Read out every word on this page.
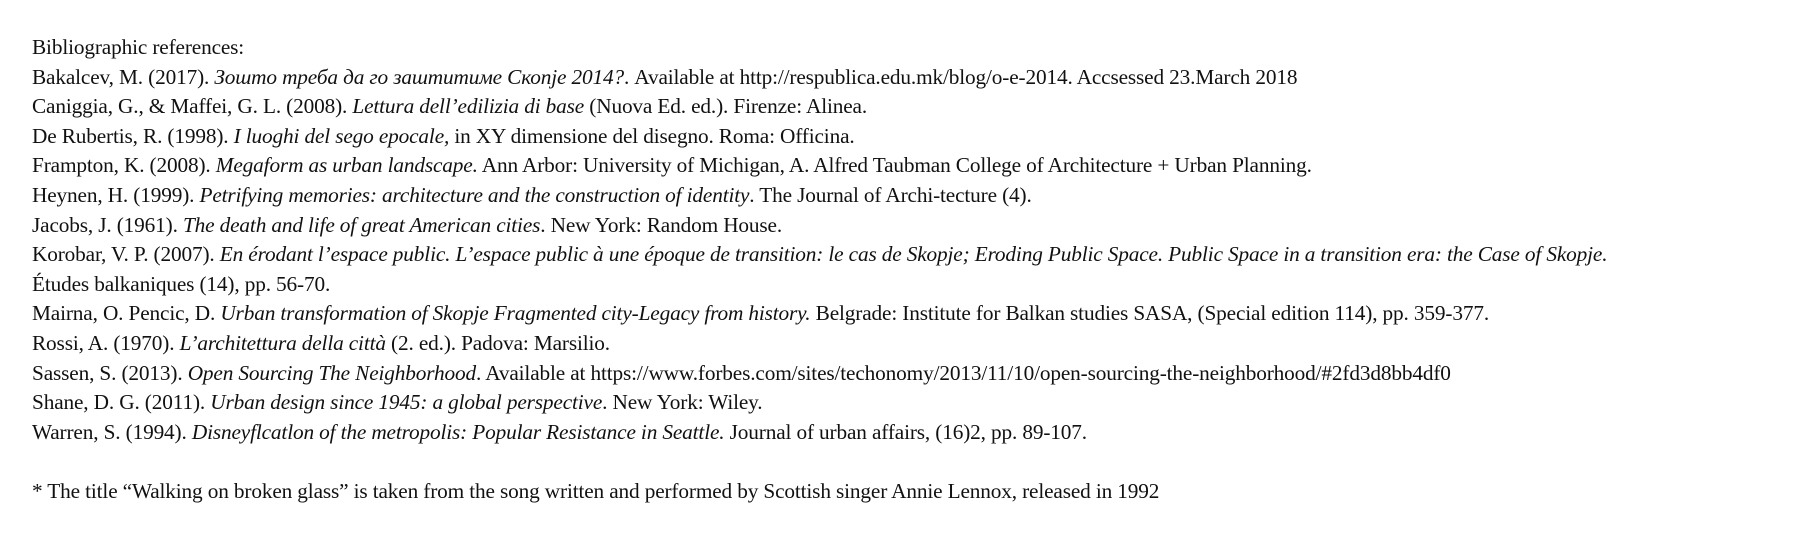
Bibliographic references:
Bakalcev, M. (2017). Зошто треба да го заштитиме Скопје 2014?. Available at http://respublica.edu.mk/blog/o-e-2014. Accsessed 23.March 2018
Caniggia, G., & Maffei, G. L. (2008). Lettura dell’edilizia di base (Nuova Ed. ed.). Firenze: Alinea.
De Rubertis, R. (1998). I luoghi del sego epocale, in XY dimensione del disegno. Roma: Officina.
Frampton, K. (2008). Megaform as urban landscape. Ann Arbor: University of Michigan, A. Alfred Taubman College of Architecture + Urban Planning.
Heynen, H. (1999). Petrifying memories: architecture and the construction of identity. The Journal of Archi-tecture (4).
Jacobs, J. (1961). The death and life of great American cities. New York: Random House.
Korobar, V. P. (2007). En érodant l’espace public. L’espace public à une époque de transition: le cas de Skopje; Eroding Public Space. Public Space in a transition era: the Case of Skopje.
Études balkaniques (14), pp. 56-70.
Mairna, O. Pencic, D. Urban transformation of Skopje Fragmented city-Legacy from history. Belgrade: Institute for Balkan studies SASA, (Special edition 114), pp. 359-377.
Rossi, A. (1970). L’architettura della città (2. ed.). Padova: Marsilio.
Sassen, S. (2013). Open Sourcing The Neighborhood. Available at https://www.forbes.com/sites/techonomy/2013/11/10/open-sourcing-the-neighborhood/#2fd3d8bb4df0
Shane, D. G. (2011). Urban design since 1945: a global perspective. New York: Wiley.
Warren, S. (1994). Disneyflcatlon of the metropolis: Popular Resistance in Seattle. Journal of urban affairs, (16)2, pp. 89-107.
* The title “Walking on broken glass” is taken from the song written and performed by Scottish singer Annie Lennox, released in 1992
